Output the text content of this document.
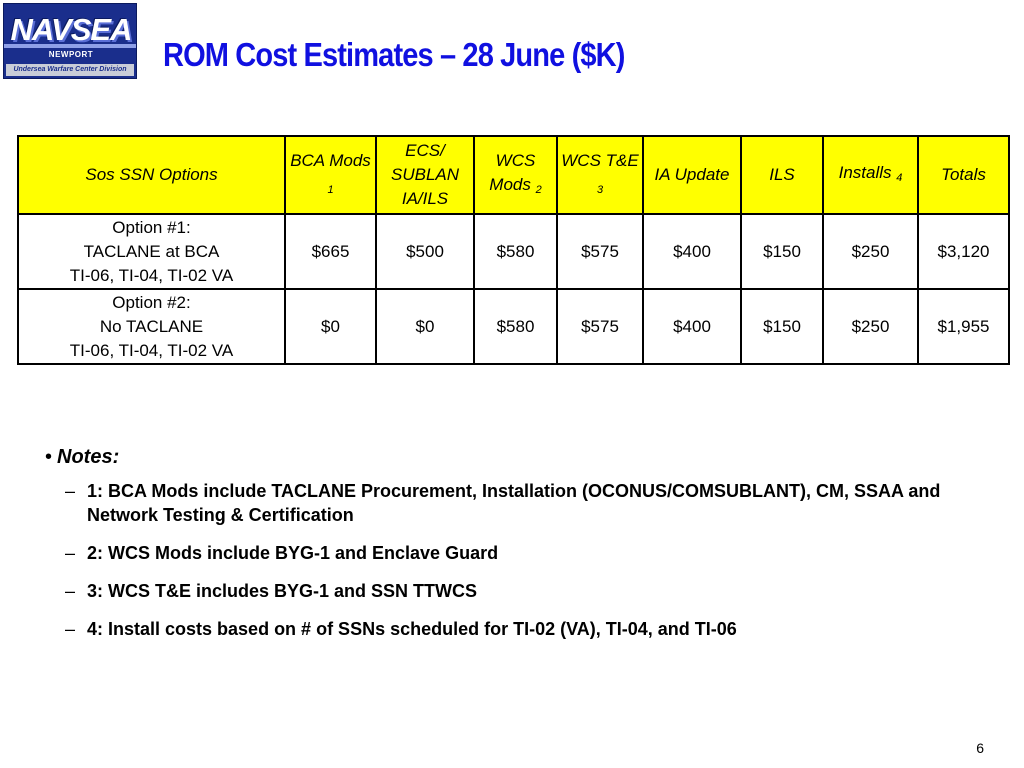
NAVSEA
NEWPORT
Undersea Warfare Center Division ROM Cost Estimates – 28 June ($K)
Sos SSN Options	BCA Mods 1	ECS/ SUBLAN IA/ILS	WCS Mods 2	WCS T&E 3	IA Update	ILS	Installs 4	Totals

Option #1:
TACLANE at BCA
TI-06, TI-04, TI-02 VA	$665	$500	$580	$575	$400	$150	$250	$3,120

Option #2:
No TACLANE
TI-06, TI-04, TI-02 VA	$0	$0	$580	$575	$400	$150	$250	$1,955
• Notes:
– 1: BCA Mods include TACLANE Procurement, Installation (OCONUS/COMSUBLANT), CM, SSAA and Network Testing & Certification
– 2: WCS Mods include BYG-1 and Enclave Guard
– 3: WCS T&E includes BYG-1 and SSN TTWCS
– 4: Install costs based on # of SSNs scheduled for TI-02 (VA), TI-04, and TI-06
6
